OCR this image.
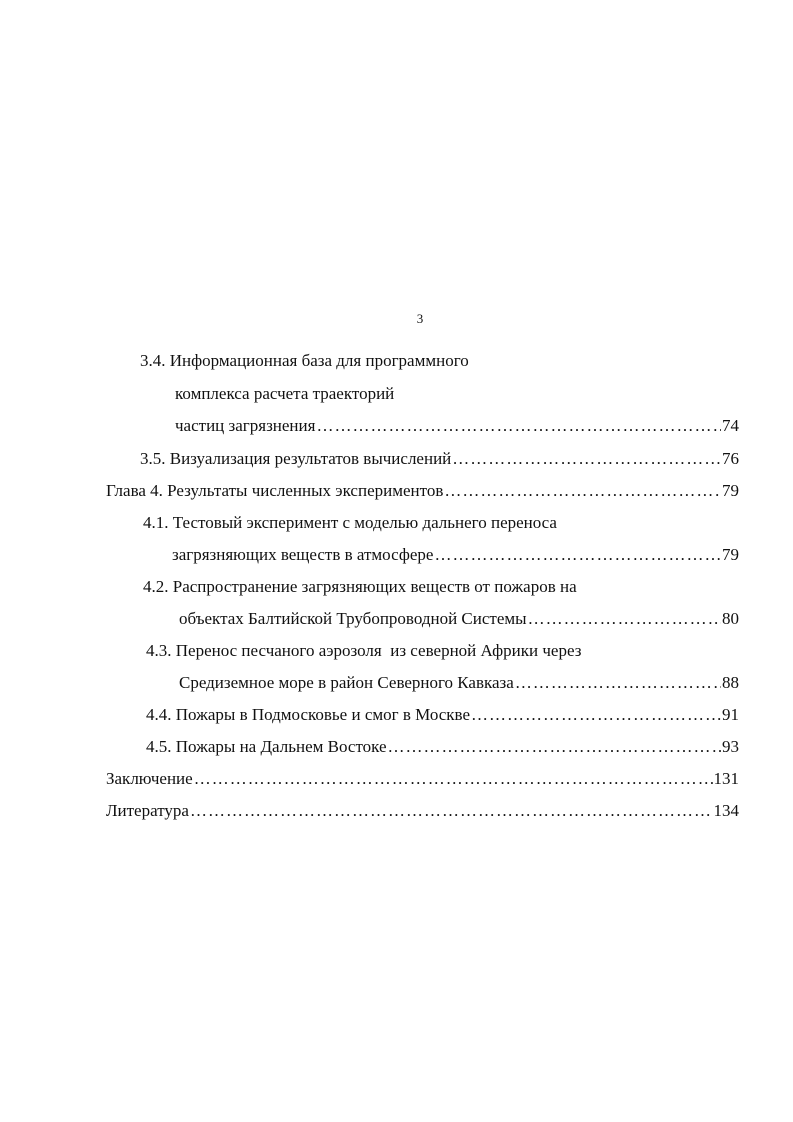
3
3.4. Информационная база для программного
комплекса расчета траекторий
частиц загрязнения ………………………………………………………………………………………………………………………………………	74
3.5. Визуализация результатов вычислений ………………………………………………………………………………………………………………………………………	76
Глава 4. Результаты численных экспериментов ………………………………………………………………………………………………………………………………………	79
4.1. Тестовый эксперимент с моделью дальнего переноса
загрязняющих веществ в атмосфере ………………………………………………………………………………………………………………………………………	79
4.2. Распространение загрязняющих веществ от пожаров на
объектах Балтийской Трубопроводной Системы ………………………………………………………………………………………………………………………………………	80
4.3. Перенос песчаного аэрозоля  из северной Африки через
Средиземное море в район Северного Кавказа ………………………………………………………………………………………………………………………………………	88
4.4. Пожары в Подмосковье и смог в Москве ………………………………………………………………………………………………………………………………………	91
4.5. Пожары на Дальнем Востоке ………………………………………………………………………………………………………………………………………	93
Заключение ………………………………………………………………………………………………………………………………………	131
Литература ………………………………………………………………………………………………………………………………………	134
